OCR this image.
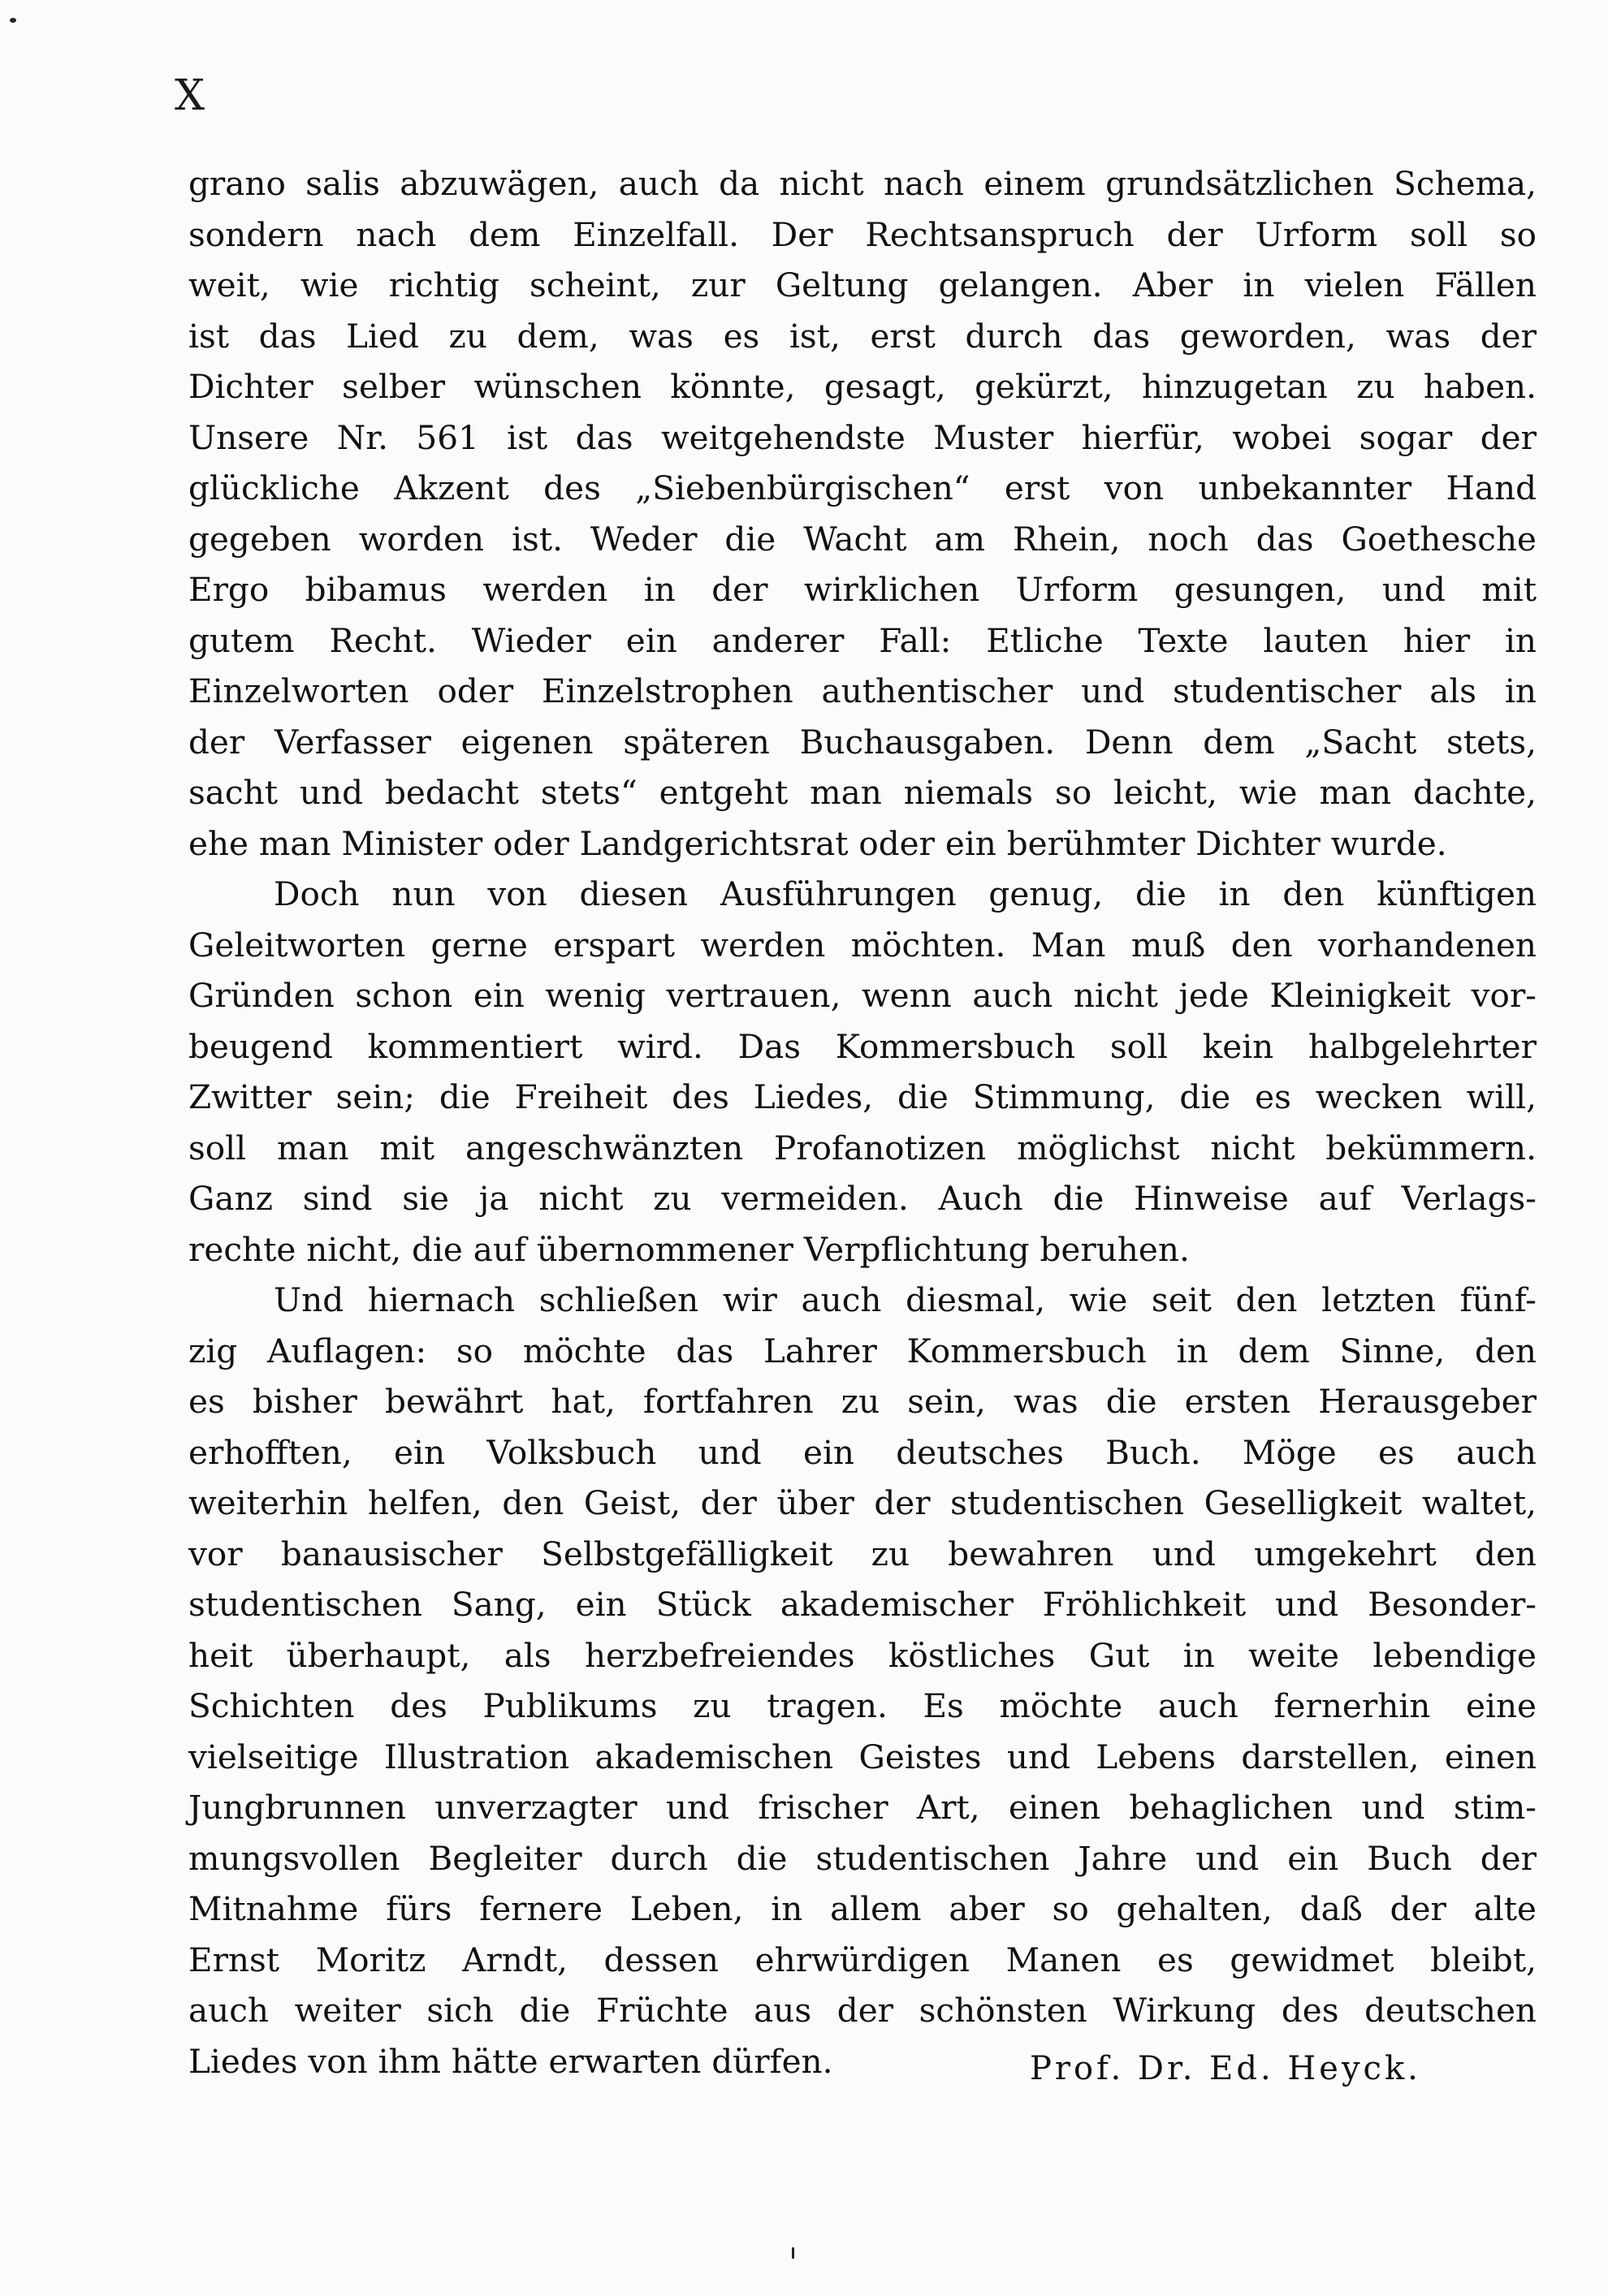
X
grano salis abzuwägen, auch da nicht nach einem grundsätzlichen Schema,
sondern nach dem Einzelfall. Der Rechtsanspruch der Urform soll so
weit, wie richtig scheint, zur Geltung gelangen. Aber in vielen Fällen
ist das Lied zu dem, was es ist, erst durch das geworden, was der
Dichter selber wünschen könnte, gesagt, gekürzt, hinzugetan zu haben.
Unsere Nr. 561 ist das weitgehendste Muster hierfür, wobei sogar der
glückliche Akzent des „Siebenbürgischen“ erst von unbekannter Hand
gegeben worden ist. Weder die Wacht am Rhein, noch das Goethesche
Ergo bibamus werden in der wirklichen Urform gesungen, und mit
gutem Recht. Wieder ein anderer Fall: Etliche Texte lauten hier in
Einzelworten oder Einzelstrophen authentischer und studentischer als in
der Verfasser eigenen späteren Buchausgaben. Denn dem „Sacht stets,
sacht und bedacht stets“ entgeht man niemals so leicht, wie man dachte,
ehe man Minister oder Landgerichtsrat oder ein berühmter Dichter wurde.
Doch nun von diesen Ausführungen genug, die in den künftigen
Geleitworten gerne erspart werden möchten. Man muß den vorhandenen
Gründen schon ein wenig vertrauen, wenn auch nicht jede Kleinigkeit vor-
beugend kommentiert wird. Das Kommersbuch soll kein halbgelehrter
Zwitter sein; die Freiheit des Liedes, die Stimmung, die es wecken will,
soll man mit angeschwänzten Profanotizen möglichst nicht bekümmern.
Ganz sind sie ja nicht zu vermeiden. Auch die Hinweise auf Verlags-
rechte nicht, die auf übernommener Verpflichtung beruhen.
Und hiernach schließen wir auch diesmal, wie seit den letzten fünf-
zig Auflagen: so möchte das Lahrer Kommersbuch in dem Sinne, den
es bisher bewährt hat, fortfahren zu sein, was die ersten Herausgeber
erhofften, ein Volksbuch und ein deutsches Buch. Möge es auch
weiterhin helfen, den Geist, der über der studentischen Geselligkeit waltet,
vor banausischer Selbstgefälligkeit zu bewahren und umgekehrt den
studentischen Sang, ein Stück akademischer Fröhlichkeit und Besonder-
heit überhaupt, als herzbefreiendes köstliches Gut in weite lebendige
Schichten des Publikums zu tragen. Es möchte auch fernerhin eine
vielseitige Illustration akademischen Geistes und Lebens darstellen, einen
Jungbrunnen unverzagter und frischer Art, einen behaglichen und stim-
mungsvollen Begleiter durch die studentischen Jahre und ein Buch der
Mitnahme fürs fernere Leben, in allem aber so gehalten, daß der alte
Ernst Moritz Arndt, dessen ehrwürdigen Manen es gewidmet bleibt,
auch weiter sich die Früchte aus der schönsten Wirkung des deutschen
Liedes von ihm hätte erwarten dürfen.	Prof. Dr. Ed. Heyck.
